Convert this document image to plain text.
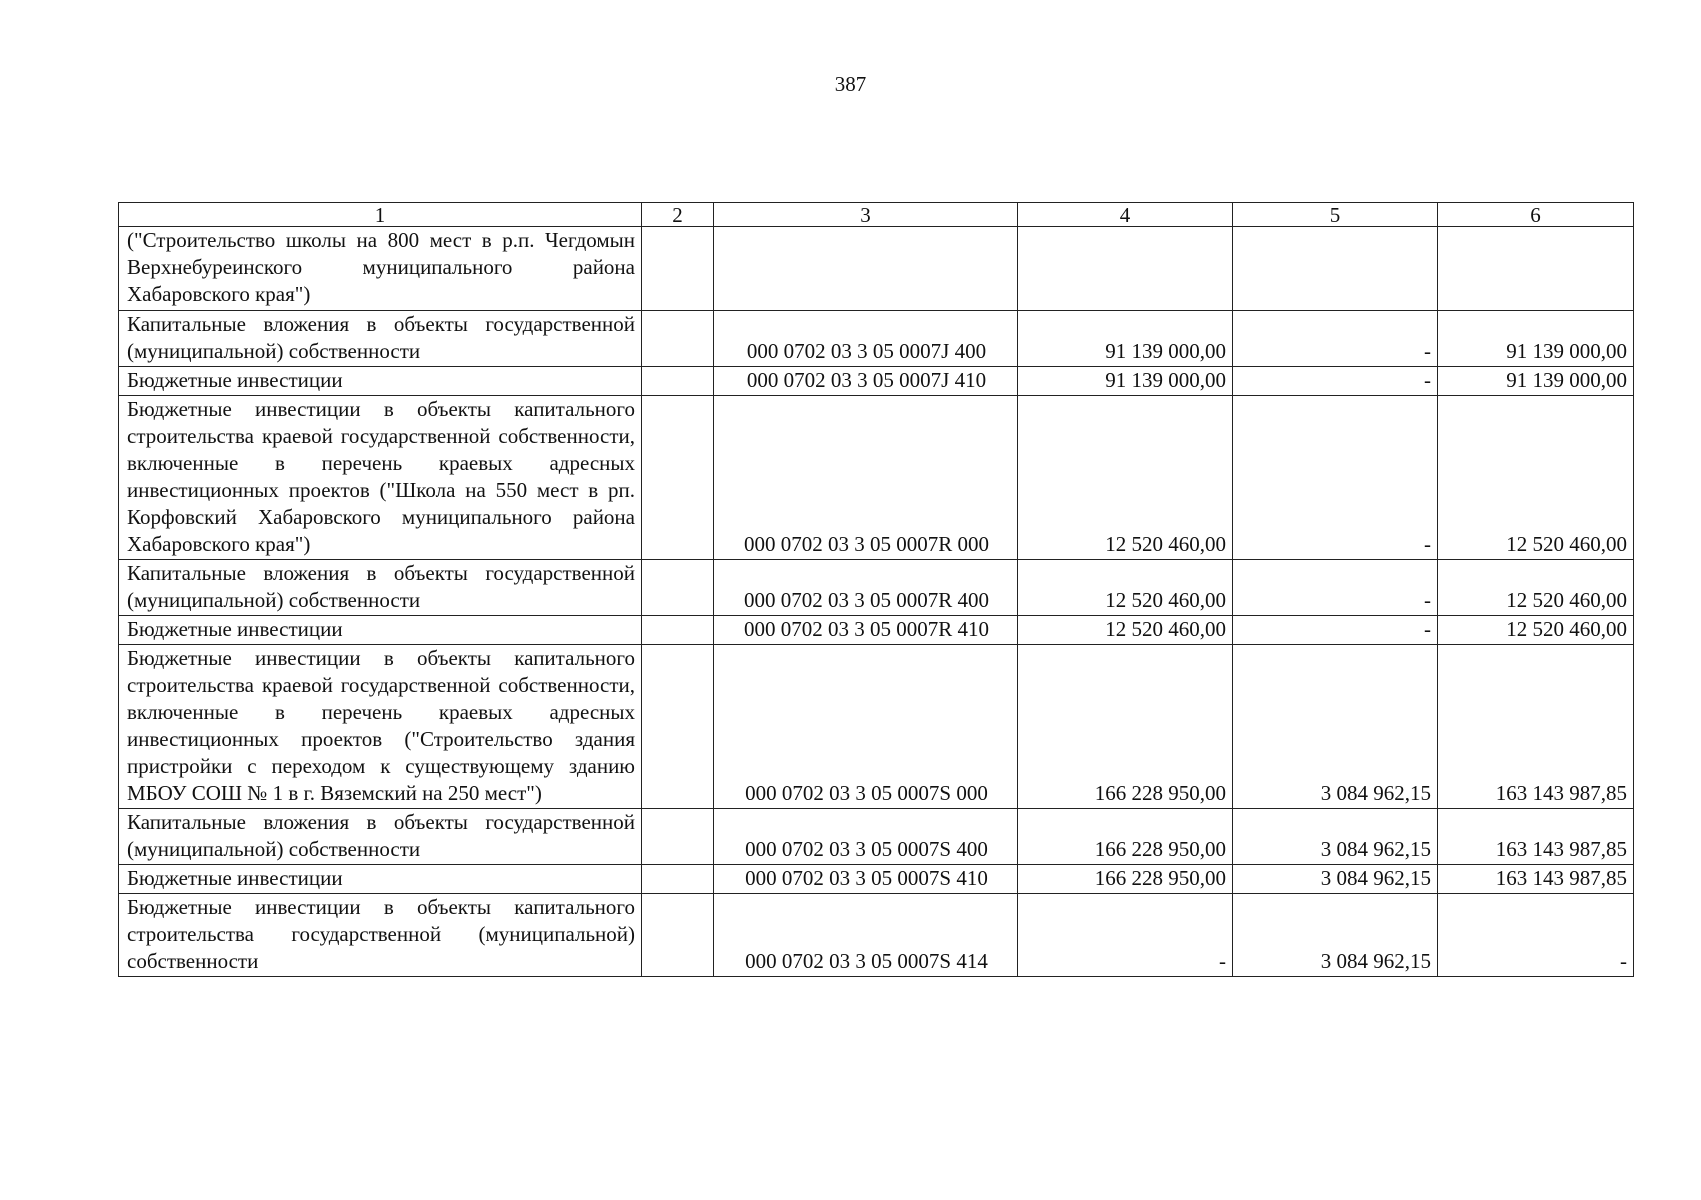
387
1	2	3	4	5	6
("Строительство школы на 800 мест в р.п. Чегдомын Верхнебуреинского муниципального района Хабаровского края")					
Капитальные вложения в объекты государственной (муниципальной) собственности		000 0702 03 3 05 0007J 400	91 139 000,00	-	91 139 000,00
Бюджетные инвестиции		000 0702 03 3 05 0007J 410	91 139 000,00	-	91 139 000,00
Бюджетные инвестиции в объекты капитального строительства краевой государственной собственности, включенные в перечень краевых адресных инвестиционных проектов ("Школа на 550 мест в рп. Корфовский Хабаровского муниципального района Хабаровского края")		000 0702 03 3 05 0007R 000	12 520 460,00	-	12 520 460,00
Капитальные вложения в объекты государственной (муниципальной) собственности		000 0702 03 3 05 0007R 400	12 520 460,00	-	12 520 460,00
Бюджетные инвестиции		000 0702 03 3 05 0007R 410	12 520 460,00	-	12 520 460,00
Бюджетные инвестиции в объекты капитального строительства краевой государственной собственности, включенные в перечень краевых адресных инвестиционных проектов ("Строительство здания пристройки с переходом к существующему зданию МБОУ СОШ № 1 в г. Вяземский на 250 мест")		000 0702 03 3 05 0007S 000	166 228 950,00	3 084 962,15	163 143 987,85
Капитальные вложения в объекты государственной (муниципальной) собственности		000 0702 03 3 05 0007S 400	166 228 950,00	3 084 962,15	163 143 987,85
Бюджетные инвестиции		000 0702 03 3 05 0007S 410	166 228 950,00	3 084 962,15	163 143 987,85
Бюджетные инвестиции в объекты капитального строительства государственной (муниципальной) собственности		000 0702 03 3 05 0007S 414	-	3 084 962,15	-
